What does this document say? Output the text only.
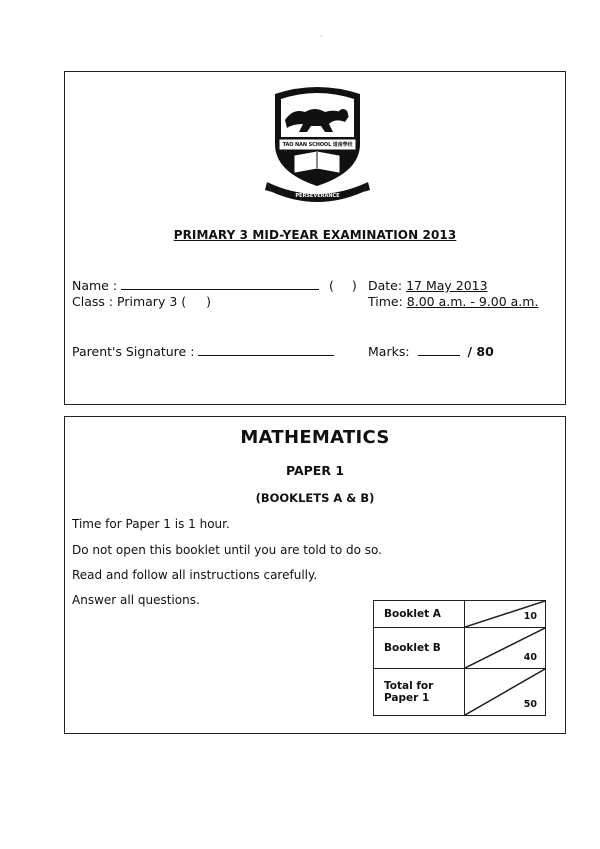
·
TAO NAN SCHOOL 道南學校
SINCERITY & PERSEVERANCE
PRIMARY 3 MID-YEAR EXAMINATION 2013
Name :	( ) Date: 17 May 2013
Class : Primary 3 ( )	Time: 8.00 a.m. - 9.00 a.m.
Parent's Signature :	Marks:	/ 80
MATHEMATICS
PAPER 1
(BOOKLETS A & B)
Time for Paper 1 is 1 hour.
Do not open this booklet until you are told to do so.
Read and follow all instructions carefully.
Answer all questions.
Booklet A	10

Booklet B	40

Total for
Paper 1	50
